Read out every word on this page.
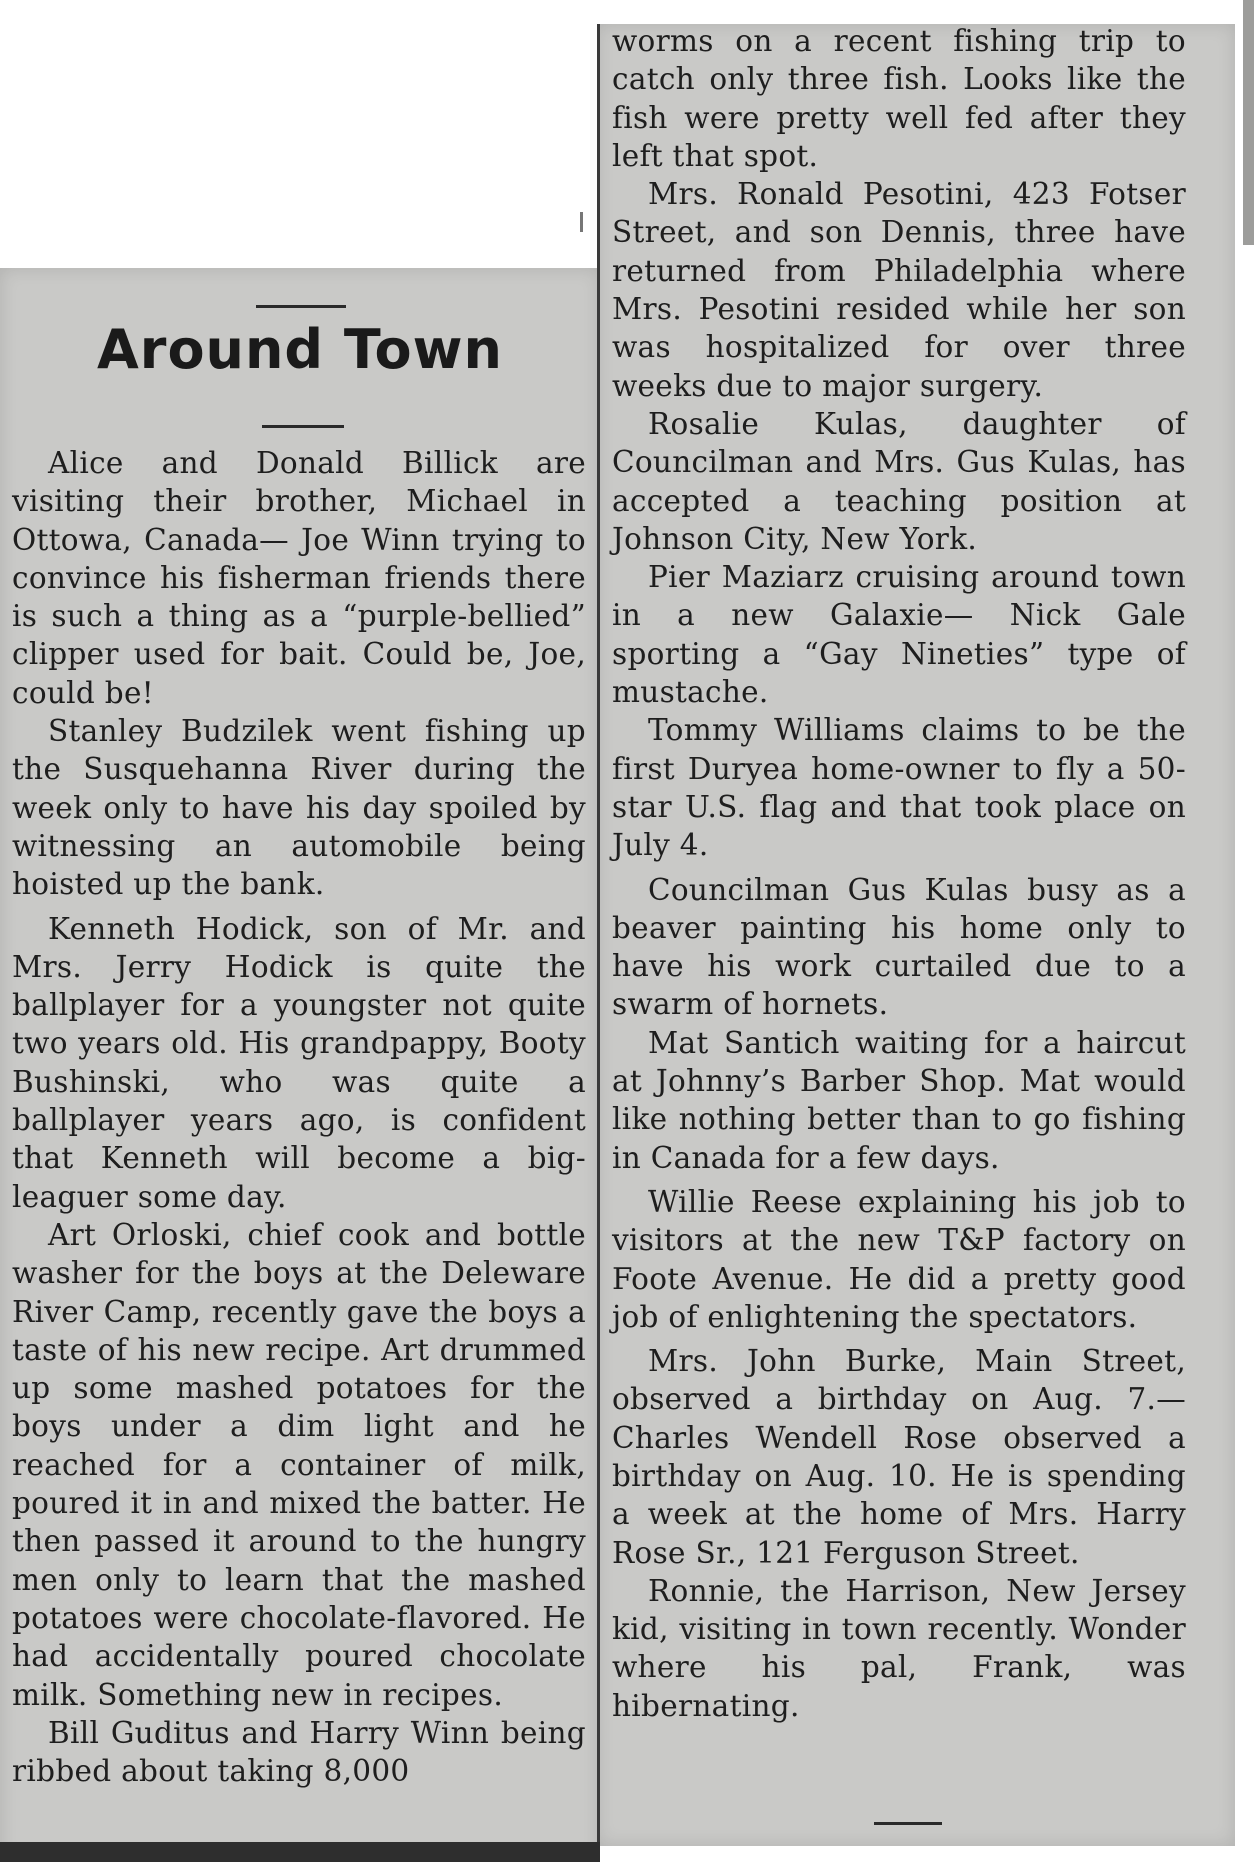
Around Town

Alice and Donald Billick are visiting their brother, Michael in Ottowa, Canada— Joe Winn trying to convince his fisherman friends there is such a thing as a “purple-bellied” clipper used for bait. Could be, Joe, could be!

Stanley Budzilek went fishing up the Susquehanna River during the week only to have his day spoiled by witnessing an automobile being hoisted up the bank.

Kenneth Hodick, son of Mr. and Mrs. Jerry Hodick is quite the ballplayer for a youngster not quite two years old. His grandpappy, Booty Bushinski, who was quite a ballplayer years ago, is confident that Kenneth will become a big-leaguer some day.

Art Orloski, chief cook and bottle washer for the boys at the Deleware River Camp, recently gave the boys a taste of his new recipe. Art drummed up some mashed potatoes for the boys under a dim light and he reached for a container of milk, poured it in and mixed the batter. He then passed it around to the hungry men only to learn that the mashed potatoes were chocolate-flavored. He had accidentally poured chocolate milk. Something new in recipes.

Bill Guditus and Harry Winn being ribbed about taking 8,000

worms on a recent fishing trip to catch only three fish. Looks like the fish were pretty well fed after they left that spot.

Mrs. Ronald Pesotini, 423 Fotser Street, and son Dennis, three have returned from Philadelphia where Mrs. Pesotini resided while her son was hospitalized for over three weeks due to major surgery.

Rosalie Kulas, daughter of Councilman and Mrs. Gus Kulas, has accepted a teaching position at Johnson City, New York.

Pier Maziarz cruising around town in a new Galaxie— Nick Gale sporting a “Gay Nineties” type of mustache.

Tommy Williams claims to be the first Duryea home-owner to fly a 50-star U.S. flag and that took place on July 4.

Councilman Gus Kulas busy as a beaver painting his home only to have his work curtailed due to a swarm of hornets.

Mat Santich waiting for a haircut at Johnny’s Barber Shop. Mat would like nothing better than to go fishing in Canada for a few days.

Willie Reese explaining his job to visitors at the new T&P factory on Foote Avenue. He did a pretty good job of enlightening the spectators.

Mrs. John Burke, Main Street, observed a birthday on Aug. 7.— Charles Wendell Rose observed a birthday on Aug. 10. He is spending a week at the home of Mrs. Harry Rose Sr., 121 Ferguson Street.

Ronnie, the Harrison, New Jersey kid, visiting in town recently. Wonder where his pal, Frank, was hibernating.
